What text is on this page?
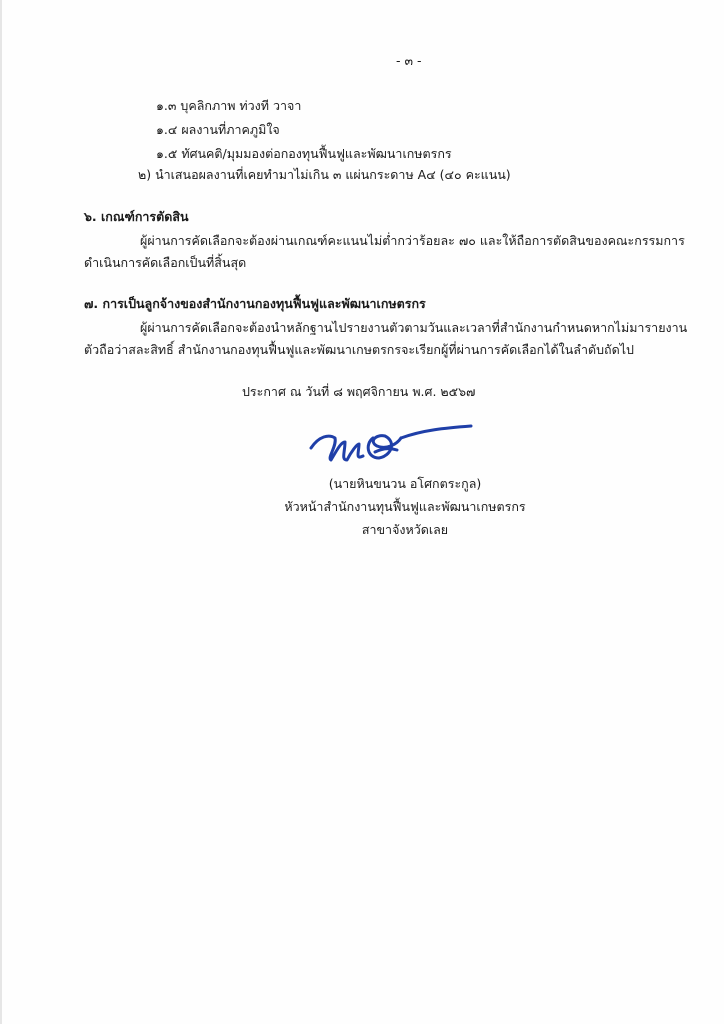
- ๓ -
๑.๓ บุคลิกภาพ ท่วงที วาจา
๑.๔ ผลงานที่ภาคภูมิใจ
๑.๕ ทัศนคติ/มุมมองต่อกองทุนฟื้นฟูและพัฒนาเกษตรกร
๒) นำเสนอผลงานที่เคยทำมาไม่เกิน ๓ แผ่นกระดาษ A๔ (๔๐ คะแนน)
๖. เกณฑ์การตัดสิน
ผู้ผ่านการคัดเลือกจะต้องผ่านเกณฑ์คะแนนไม่ต่ำกว่าร้อยละ ๗๐ และให้ถือการตัดสินของคณะกรรมการ
ดำเนินการคัดเลือกเป็นที่สิ้นสุด
๗. การเป็นลูกจ้างของสำนักงานกองทุนฟื้นฟูและพัฒนาเกษตรกร
ผู้ผ่านการคัดเลือกจะต้องนำหลักฐานไปรายงานตัวตามวันและเวลาที่สำนักงานกำหนดหากไม่มารายงาน
ตัวถือว่าสละสิทธิ์ สำนักงานกองทุนฟื้นฟูและพัฒนาเกษตรกรจะเรียกผู้ที่ผ่านการคัดเลือกได้ในลำดับถัดไป
ประกาศ ณ วันที่ ๘ พฤศจิกายน พ.ศ. ๒๕๖๗
(นายหินขนวน อโศกตระกูล)
หัวหน้าสำนักงานทุนฟื้นฟูและพัฒนาเกษตรกร
สาขาจังหวัดเลย
